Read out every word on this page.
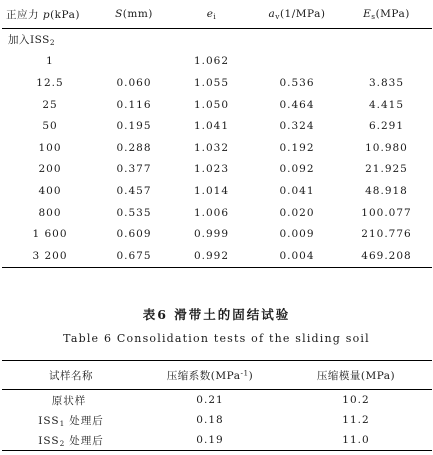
正应力 p(kPa)	S(mm)	$e_i$	$a_v(1/MPa)$	$E_s(MPa)$
加入$ISS_2$
1		1.062		
12.5	0.060	1.055	0.536	3.835
25	0.116	1.050	0.464	4.415
50	0.195	1.041	0.324	6.291
100	0.288	1.032	0.192	10.980
200	0.377	1.023	0.092	21.925
400	0.457	1.014	0.041	48.918
800	0.535	1.006	0.020	100.077
1 600	0.609	0.999	0.009	210.776
3 200	0.675	0.992	0.004	469.208
表6 滑带土的固结试验
Table 6 Consolidation tests of the sliding soil
试样名称	压缩系数(MPa$^{-1}$)	压缩模量(MPa)
原状样	0.21	10.2
$ISS_1$ 处理后	0.18	11.2
$ISS_2$ 处理后	0.19	11.0
